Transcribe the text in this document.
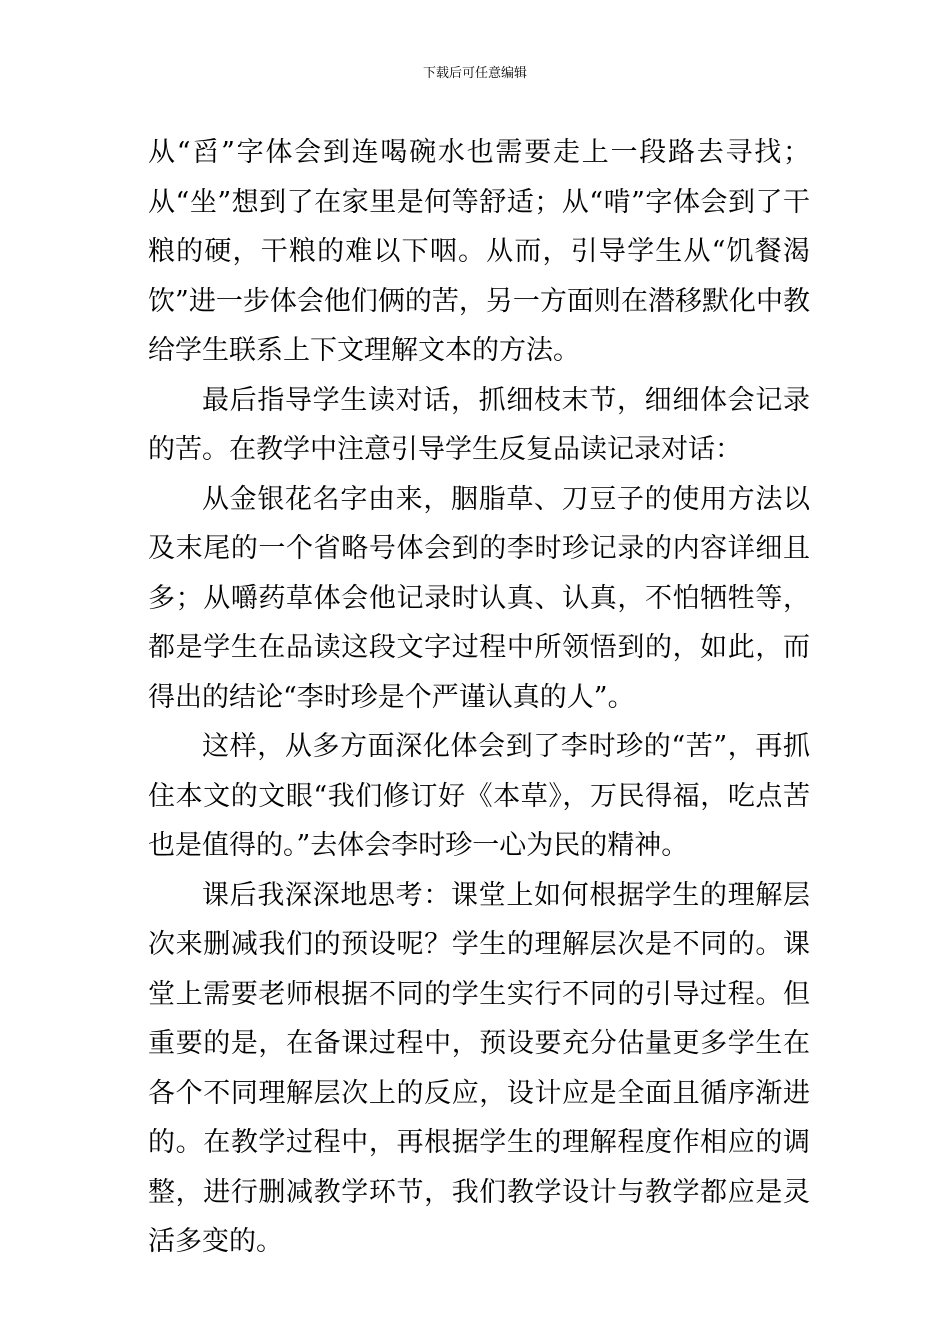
下载后可任意编辑

从“舀”字体会到连喝碗水也需要走上一段路去寻找；从“坐”想到了在家里是何等舒适；从“啃”字体会到了干粮的硬，干粮的难以下咽。从而，引导学生从“饥餐渴饮”进一步体会他们俩的苦，另一方面则在潜移默化中教给学生联系上下文理解文本的方法。

最后指导学生读对话，抓细枝末节，细细体会记录的苦。在教学中注意引导学生反复品读记录对话：

从金银花名字由来，胭脂草、刀豆子的使用方法以及末尾的一个省略号体会到的李时珍记录的内容详细且多；从嚼药草体会他记录时认真、认真，不怕牺牲等，都是学生在品读这段文字过程中所领悟到的，如此，而得出的结论“李时珍是个严谨认真的人”。

这样，从多方面深化体会到了李时珍的“苦”，再抓住本文的文眼“我们修订好《本草》，万民得福，吃点苦也是值得的。”去体会李时珍一心为民的精神。

课后我深深地思考：课堂上如何根据学生的理解层次来删减我们的预设呢？学生的理解层次是不同的。课堂上需要老师根据不同的学生实行不同的引导过程。但重要的是，在备课过程中，预设要充分估量更多学生在各个不同理解层次上的反应，设计应是全面且循序渐进的。在教学过程中，再根据学生的理解程度作相应的调整，进行删减教学环节，我们教学设计与教学都应是灵活多变的。
